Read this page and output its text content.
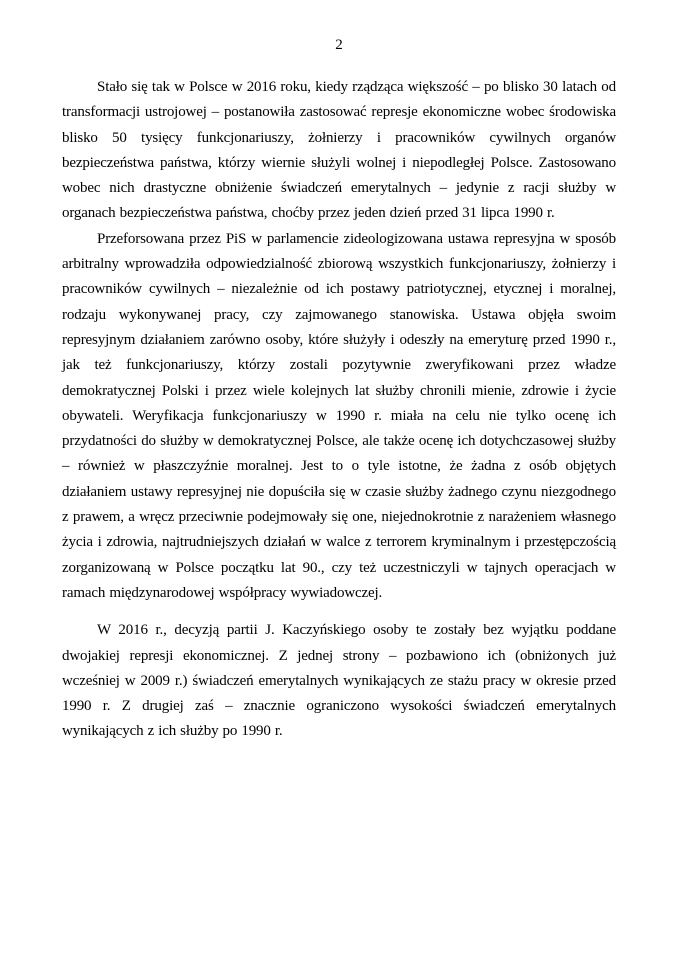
2

Stało się tak w Polsce w 2016 roku, kiedy rządząca większość – po blisko 30 latach od transformacji ustrojowej – postanowiła zastosować represje ekonomiczne wobec środowiska blisko 50 tysięcy funkcjonariuszy, żołnierzy i pracowników cywilnych organów bezpieczeństwa państwa, którzy wiernie służyli wolnej i niepodległej Polsce. Zastosowano wobec nich drastyczne obniżenie świadczeń emerytalnych – jedynie z racji służby w organach bezpieczeństwa państwa, choćby przez jeden dzień przed 31 lipca 1990 r.

Przeforsowana przez PiS w parlamencie zideologizowana ustawa represyjna w sposób arbitralny wprowadziła odpowiedzialność zbiorową wszystkich funkcjonariuszy, żołnierzy i pracowników cywilnych – niezależnie od ich postawy patriotycznej, etycznej i moralnej, rodzaju wykonywanej pracy, czy zajmowanego stanowiska. Ustawa objęła swoim represyjnym działaniem zarówno osoby, które służyły i odeszły na emeryturę przed 1990 r., jak też funkcjonariuszy, którzy zostali pozytywnie zweryfikowani przez władze demokratycznej Polski i przez wiele kolejnych lat służby chronili mienie, zdrowie i życie obywateli. Weryfikacja funkcjonariuszy w 1990 r. miała na celu nie tylko ocenę ich przydatności do służby w demokratycznej Polsce, ale także ocenę ich dotychczasowej służby – również w płaszczyźnie moralnej. Jest to o tyle istotne, że żadna z osób objętych działaniem ustawy represyjnej nie dopuściła się w czasie służby żadnego czynu niezgodnego z prawem, a wręcz przeciwnie podejmowały się one, niejednokrotnie z narażeniem własnego życia i zdrowia, najtrudniejszych działań w walce z terrorem kryminalnym i przestępczością zorganizowaną w Polsce początku lat 90., czy też uczestniczyli w tajnych operacjach w ramach międzynarodowej współpracy wywiadowczej.

W 2016 r., decyzją partii J. Kaczyńskiego osoby te zostały bez wyjątku poddane dwojakiej represji ekonomicznej. Z jednej strony – pozbawiono ich (obniżonych już wcześniej w 2009 r.) świadczeń emerytalnych wynikających ze stażu pracy w okresie przed 1990 r. Z drugiej zaś – znacznie ograniczono wysokości świadczeń emerytalnych wynikających z ich służby po 1990 r.
